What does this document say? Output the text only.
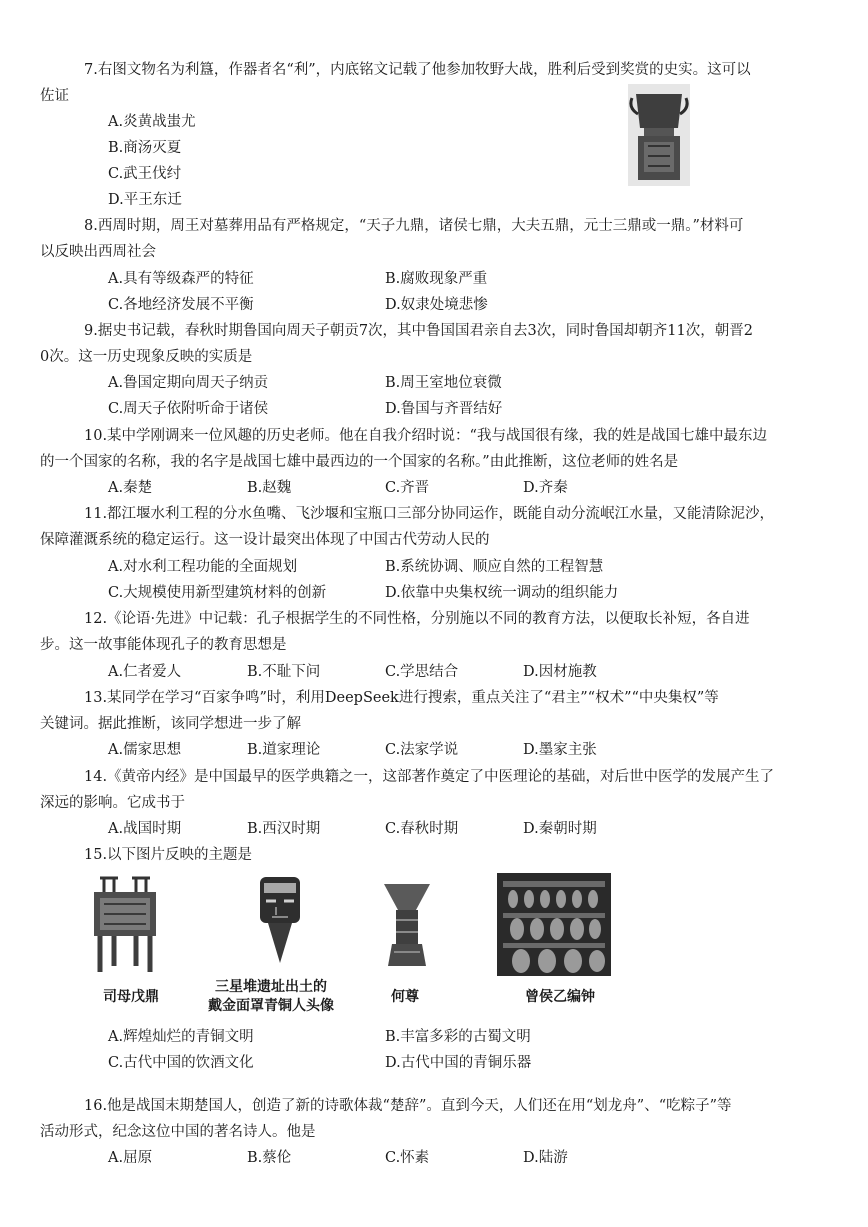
7.右图文物名为利簋，作器者名“利”，内底铭文记载了他参加牧野大战，胜利后受到奖赏的史实。这可以
佐证
A.炎黄战蚩尤
B.商汤灭夏
C.武王伐纣
D.平王东迁
8.西周时期，周王对墓葬用品有严格规定，“天子九鼎，诸侯七鼎，大夫五鼎，元士三鼎或一鼎。”材料可
以反映出西周社会
A.具有等级森严的特征	B.腐败现象严重
C.各地经济发展不平衡	D.奴隶处境悲惨
9.据史书记载，春秋时期鲁国向周天子朝贡7次，其中鲁国国君亲自去3次，同时鲁国却朝齐11次，朝晋2
0次。这一历史现象反映的实质是
A.鲁国定期向周天子纳贡	B.周王室地位衰微
C.周天子依附听命于诸侯	D.鲁国与齐晋结好
10.某中学刚调来一位风趣的历史老师。他在自我介绍时说：“我与战国很有缘，我的姓是战国七雄中最东边
的一个国家的名称，我的名字是战国七雄中最西边的一个国家的名称。”由此推断，这位老师的姓名是
A.秦楚	B.赵魏	C.齐晋	D.齐秦
11.都江堰水利工程的分水鱼嘴、飞沙堰和宝瓶口三部分协同运作，既能自动分流岷江水量，又能清除泥沙，
保障灌溉系统的稳定运行。这一设计最突出体现了中国古代劳动人民的
A.对水利工程功能的全面规划	B.系统协调、顺应自然的工程智慧
C.大规模使用新型建筑材料的创新	D.依靠中央集权统一调动的组织能力
12.《论语·先进》中记载：孔子根据学生的不同性格，分别施以不同的教育方法，以便取长补短，各自进
步。这一故事能体现孔子的教育思想是
A.仁者爱人	B.不耻下问	C.学思结合	D.因材施教
13.某同学在学习“百家争鸣”时，利用DeepSeek进行搜索，重点关注了“君主”“权术”“中央集权”等
关键词。据此推断，该同学想进一步了解
A.儒家思想	B.道家理论	C.法家学说	D.墨家主张
14.《黄帝内经》是中国最早的医学典籍之一，这部著作奠定了中医理论的基础，对后世中医学的发展产生了
深远的影响。它成书于
A.战国时期	B.西汉时期	C.春秋时期	D.秦朝时期
15.以下图片反映的主题是
司母戊鼎
三星堆遗址出土的
戴金面罩青铜人头像
何尊	曾侯乙编钟
A.辉煌灿烂的青铜文明	B.丰富多彩的古蜀文明
C.古代中国的饮酒文化	D.古代中国的青铜乐器
16.他是战国末期楚国人，创造了新的诗歌体裁“楚辞”。直到今天，人们还在用“划龙舟”、“吃粽子”等
活动形式，纪念这位中国的著名诗人。他是
A.屈原	B.蔡伦	C.怀素	D.陆游
